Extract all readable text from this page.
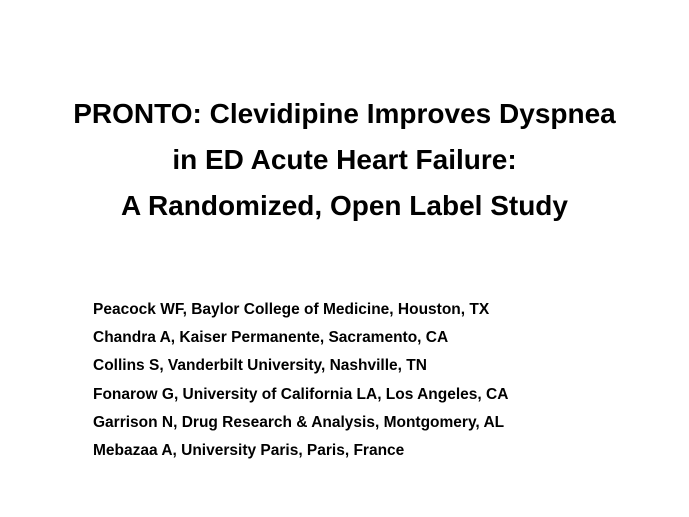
PRONTO: Clevidipine Improves Dyspnea
in ED Acute Heart Failure:
A Randomized, Open Label Study
Peacock WF, Baylor College of Medicine, Houston, TX
Chandra A, Kaiser Permanente, Sacramento, CA
Collins S, Vanderbilt University, Nashville, TN
Fonarow G, University of California LA, Los Angeles, CA
Garrison N, Drug Research & Analysis, Montgomery, AL
Mebazaa A, University Paris, Paris, France
